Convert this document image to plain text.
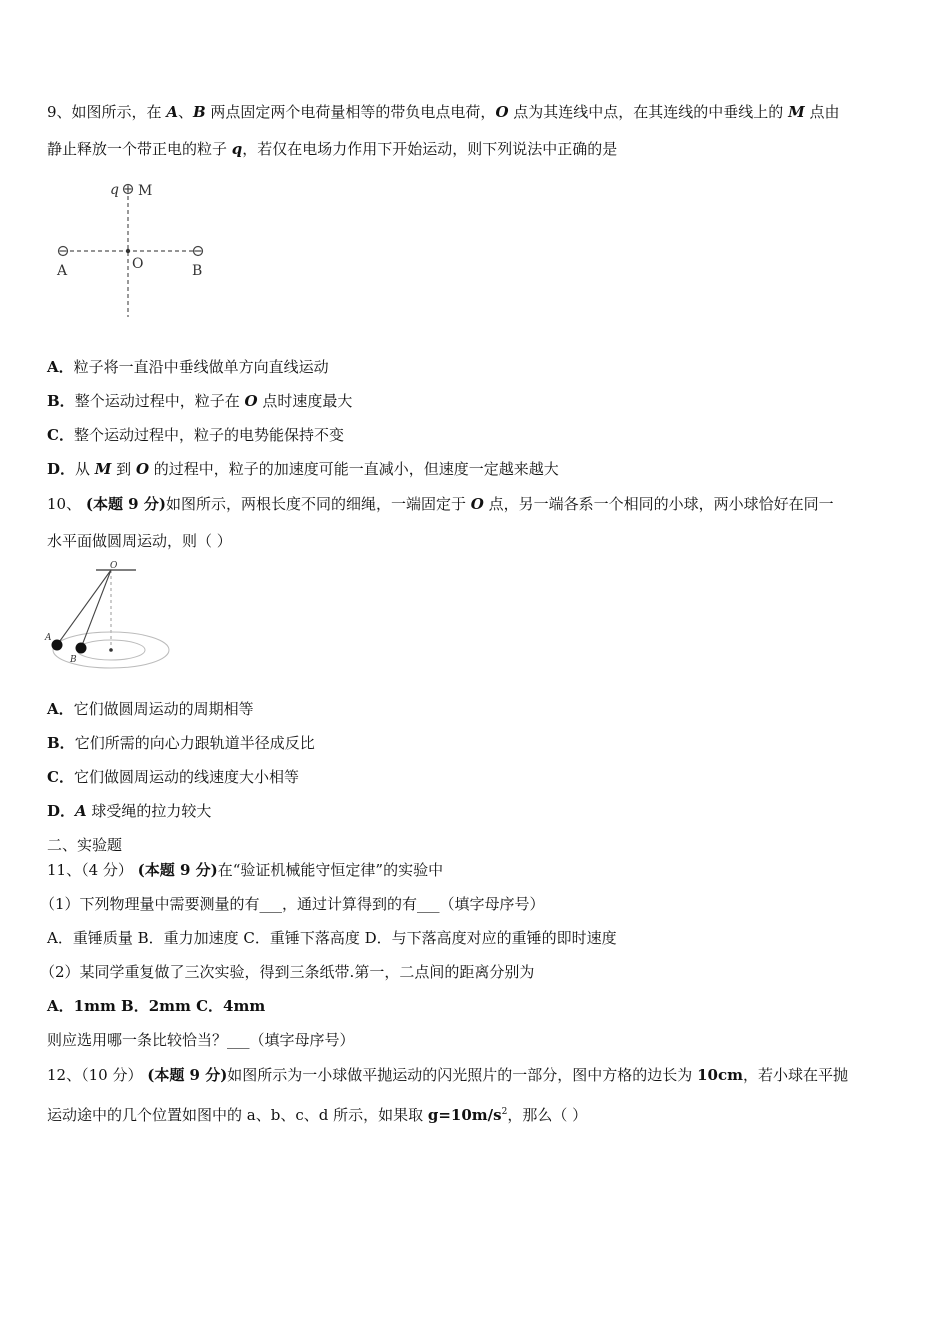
9、如图所示，在 A、B 两点固定两个电荷量相等的带负电点电荷，O 点为其连线中点，在其连线的中垂线上的 M 点由
静止释放一个带正电的粒子 q，若仅在电场力作用下开始运动，则下列说法中正确的是
q M
A	O	B
A．粒子将一直沿中垂线做单方向直线运动
B．整个运动过程中，粒子在 O 点时速度最大
C．整个运动过程中，粒子的电势能保持不变
D．从 M 到 O 的过程中，粒子的加速度可能一直减小，但速度一定越来越大
10、 (本题 9 分)如图所示，两根长度不同的细绳，一端固定于 O 点，另一端各系一个相同的小球，两小球恰好在同一
水平面做圆周运动，则（ ）
O
A
B
A．它们做圆周运动的周期相等
B．它们所需的向心力跟轨道半径成反比
C．它们做圆周运动的线速度大小相等
D．A 球受绳的拉力较大
二、实验题
11、（4 分） (本题 9 分)在“验证机械能守恒定律”的实验中
（1）下列物理量中需要测量的有___，通过计算得到的有___（填字母序号）
A．重锤质量 B．重力加速度 C．重锤下落高度 D．与下落高度对应的重锤的即时速度
（2）某同学重复做了三次实验，得到三条纸带.第一，二点间的距离分别为
A．1mm B．2mm C．4mm
则应选用哪一条比较恰当？___（填字母序号）
12、（10 分） (本题 9 分)如图所示为一小球做平抛运动的闪光照片的一部分，图中方格的边长为 10cm，若小球在平抛
运动途中的几个位置如图中的 a、b、c、d 所示，如果取 $g=10m/s^2$，那么（ ）
